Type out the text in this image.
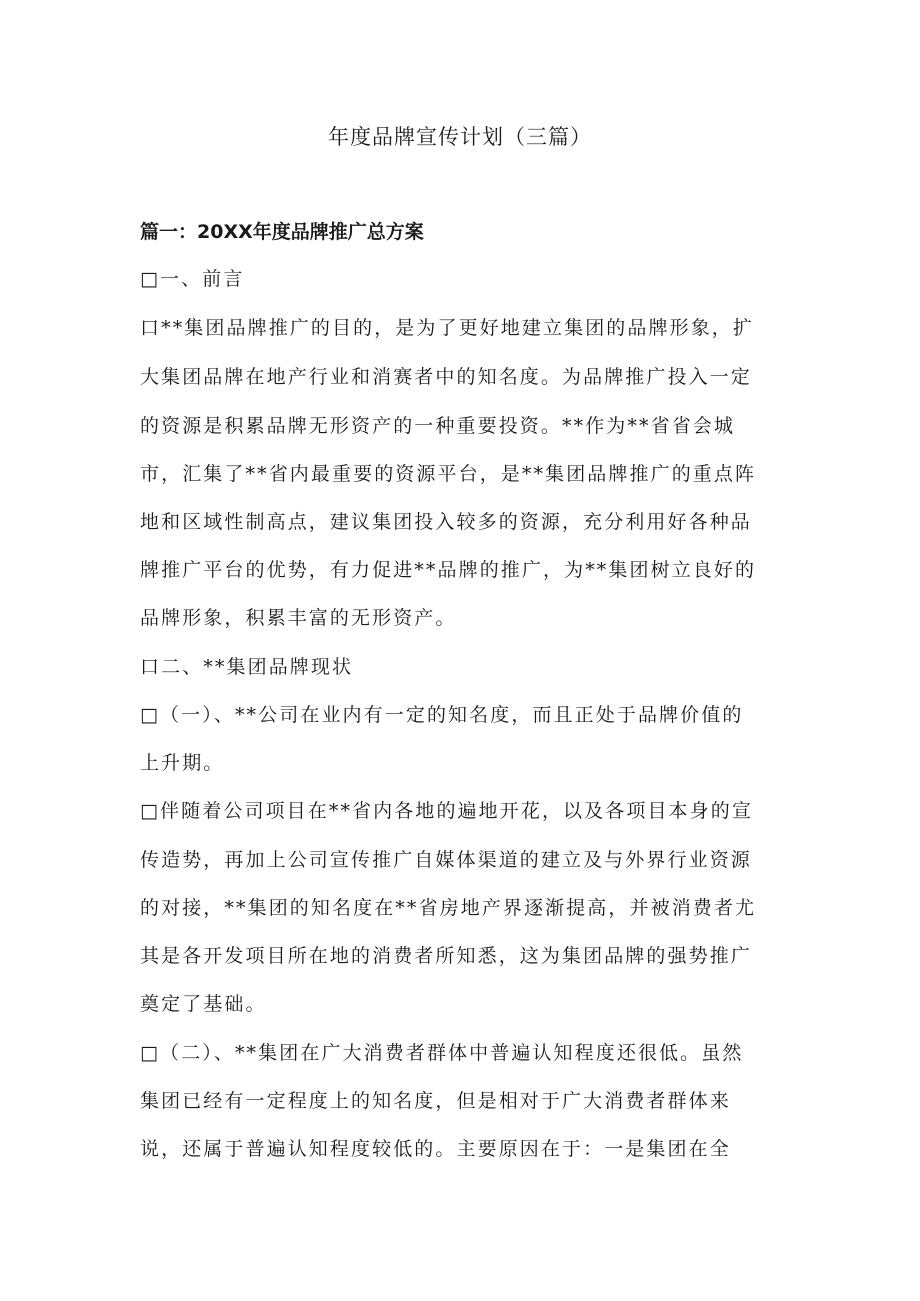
年度品牌宣传计划（三篇）
篇一：20XX年度品牌推广总方案
□一、前言
口**集团品牌推广的目的，是为了更好地建立集团的品牌形象，扩
大集团品牌在地产行业和消赛者中的知名度。为品牌推广投入一定
的资源是积累品牌无形资产的一种重要投资。**作为**省省会城
市，汇集了**省内最重要的资源平台，是**集团品牌推广的重点阵
地和区域性制高点，建议集团投入较多的资源，充分利用好各种品
牌推广平台的优势，有力促进**品牌的推广，为**集团树立良好的
品牌形象，积累丰富的无形资产。
口二、**集团品牌现状
□（一）、**公司在业内有一定的知名度，而且正处于品牌价值的
上升期。
□伴随着公司项目在**省内各地的遍地开花，以及各项目本身的宣
传造势，再加上公司宣传推广自媒体渠道的建立及与外界行业资源
的对接，**集团的知名度在**省房地产界逐渐提高，并被消费者尤
其是各开发项目所在地的消费者所知悉，这为集团品牌的强势推广
奠定了基础。
□（二）、**集团在广大消费者群体中普遍认知程度还很低。虽然
集团已经有一定程度上的知名度，但是相对于广大消费者群体来
说，还属于普遍认知程度较低的。主要原因在于：一是集团在全
